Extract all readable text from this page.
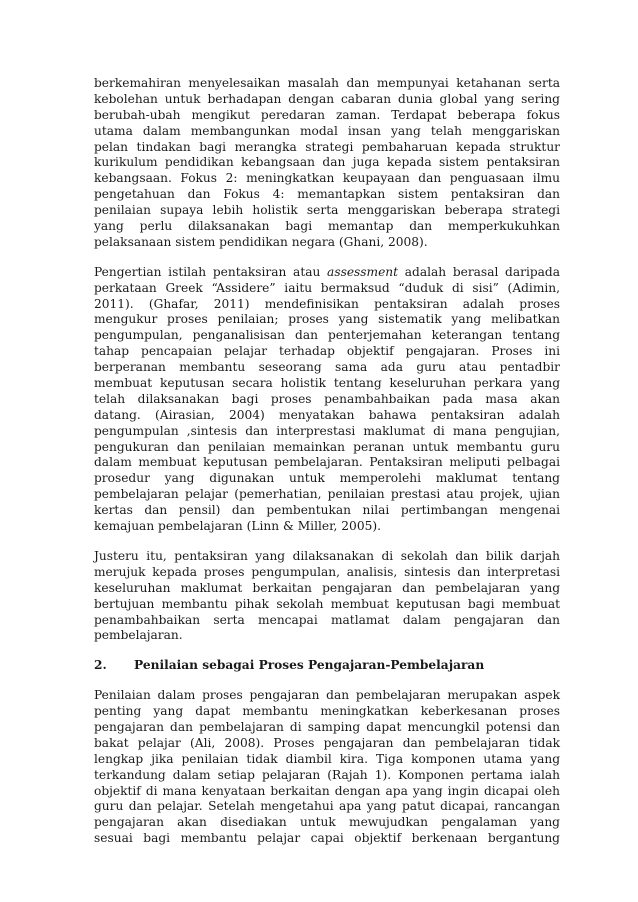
berkemahiran menyelesaikan masalah dan mempunyai ketahanan serta
kebolehan untuk berhadapan dengan cabaran dunia global yang sering
berubah-ubah mengikut peredaran zaman. Terdapat beberapa fokus
utama dalam membangunkan modal insan yang telah menggariskan
pelan tindakan bagi merangka strategi pembaharuan kepada struktur
kurikulum pendidikan kebangsaan dan juga kepada sistem pentaksiran
kebangsaan. Fokus 2: meningkatkan keupayaan dan penguasaan ilmu
pengetahuan dan Fokus 4: memantapkan sistem pentaksiran dan
penilaian supaya lebih holistik serta menggariskan beberapa strategi
yang perlu dilaksanakan bagi memantap dan memperkukuhkan
pelaksanaan sistem pendidikan negara (Ghani, 2008).
Pengertian istilah pentaksiran atau assessment adalah berasal daripada
perkataan Greek “Assidere” iaitu bermaksud “duduk di sisi” (Adimin,
2011). (Ghafar, 2011) mendefinisikan pentaksiran adalah proses
mengukur proses penilaian; proses yang sistematik yang melibatkan
pengumpulan, penganalisisan dan penterjemahan keterangan tentang
tahap pencapaian pelajar terhadap objektif pengajaran. Proses ini
berperanan membantu seseorang sama ada guru atau pentadbir
membuat keputusan secara holistik tentang keseluruhan perkara yang
telah dilaksanakan bagi proses penambahbaikan pada masa akan
datang. (Airasian, 2004) menyatakan bahawa pentaksiran adalah
pengumpulan ,sintesis dan interprestasi maklumat di mana pengujian,
pengukuran dan penilaian memainkan peranan untuk membantu guru
dalam membuat keputusan pembelajaran. Pentaksiran meliputi pelbagai
prosedur yang digunakan untuk memperolehi maklumat tentang
pembelajaran pelajar (pemerhatian, penilaian prestasi atau projek, ujian
kertas dan pensil) dan pembentukan nilai pertimbangan mengenai
kemajuan pembelajaran (Linn & Miller, 2005).
Justeru itu, pentaksiran yang dilaksanakan di sekolah dan bilik darjah
merujuk kepada proses pengumpulan, analisis, sintesis dan interpretasi
keseluruhan maklumat berkaitan pengajaran dan pembelajaran yang
bertujuan membantu pihak sekolah membuat keputusan bagi membuat
penambahbaikan serta mencapai matlamat dalam pengajaran dan
pembelajaran.
2.	Penilaian sebagai Proses Pengajaran-Pembelajaran
Penilaian dalam proses pengajaran dan pembelajaran merupakan aspek
penting yang dapat membantu meningkatkan keberkesanan proses
pengajaran dan pembelajaran di samping dapat mencungkil potensi dan
bakat pelajar (Ali, 2008). Proses pengajaran dan pembelajaran tidak
lengkap jika penilaian tidak diambil kira. Tiga komponen utama yang
terkandung dalam setiap pelajaran (Rajah 1). Komponen pertama ialah
objektif di mana kenyataan berkaitan dengan apa yang ingin dicapai oleh
guru dan pelajar. Setelah mengetahui apa yang patut dicapai, rancangan
pengajaran akan disediakan untuk mewujudkan pengalaman yang
sesuai bagi membantu pelajar capai objektif berkenaan bergantung
